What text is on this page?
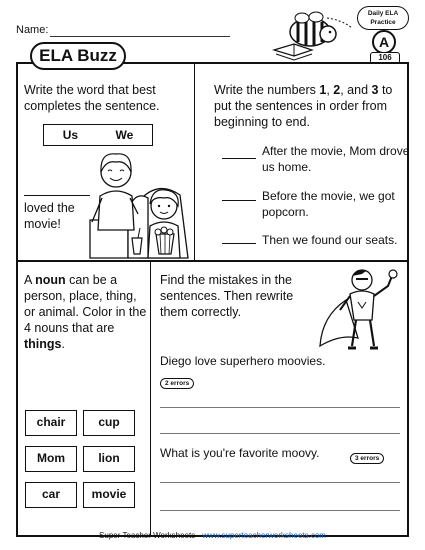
Name:
Daily ELA
Practice
A
106
ELA Buzz
Write the word that best completes the sentence.
Us	We
loved the
movie!
Write the numbers 1, 2, and 3 to put the sentences in order from beginning to end.
After the movie, Mom drove us home.
Before the movie, we got popcorn.
Then we found our seats.
A noun can be a person, place, thing, or animal. Color in the 4 nouns that are things.
chair	cup
Mom	lion
car	movie
Find the mistakes in the sentences. Then rewrite them correctly.
Diego love superhero moovies.
2 errors
What is you're favorite moovy.	3 errors
Super Teacher Worksheets - www.superteacherworksheets.com
